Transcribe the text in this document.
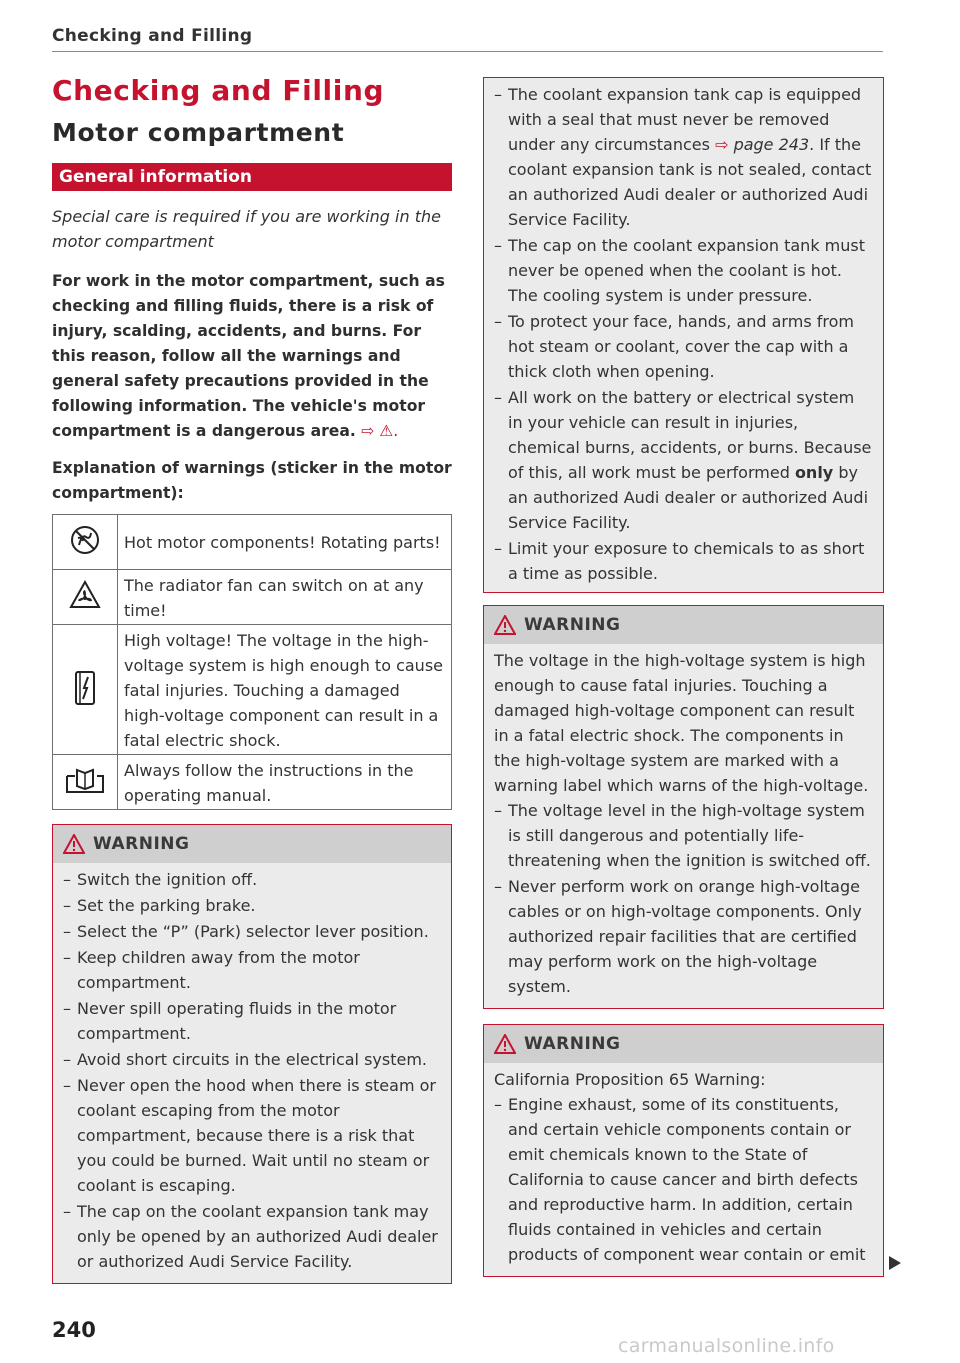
Checking and Filling
Checking and Filling
Motor compartment
General information
Special care is required if you are working in the motor compartment
For work in the motor compartment, such as checking and filling fluids, there is a risk of injury, scalding, accidents, and burns. For this reason, follow all the warnings and general safety precautions provided in the following information. The vehicle's motor compartment is a dangerous area. ⇨ ⚠.
Explanation of warnings (sticker in the motor compartment):
	Hot motor components! Rotating parts!
	The radiator fan can switch on at any time!
	High voltage! The voltage in the high-voltage system is high enough to cause fatal injuries. Touching a damaged high-voltage component can result in a fatal electric shock.
	Always follow the instructions in the operating manual.
WARNING
– Switch the ignition off.
– Set the parking brake.
– Select the “P” (Park) selector lever position.
– Keep children away from the motor compartment.
– Never spill operating fluids in the motor compartment.
– Avoid short circuits in the electrical system.
– Never open the hood when there is steam or coolant escaping from the motor compartment, because there is a risk that you could be burned. Wait until no steam or coolant is escaping.
– The cap on the coolant expansion tank may only be opened by an authorized Audi dealer or authorized Audi Service Facility.
– The coolant expansion tank cap is equipped with a seal that must never be removed under any circumstances ⇨ page 243. If the coolant expansion tank is not sealed, contact an authorized Audi dealer or authorized Audi Service Facility.
– The cap on the coolant expansion tank must never be opened when the coolant is hot. The cooling system is under pressure.
– To protect your face, hands, and arms from hot steam or coolant, cover the cap with a thick cloth when opening.
– All work on the battery or electrical system in your vehicle can result in injuries, chemical burns, accidents, or burns. Because of this, all work must be performed only by an authorized Audi dealer or authorized Audi Service Facility.
– Limit your exposure to chemicals to as short a time as possible.
WARNING

The voltage in the high-voltage system is high enough to cause fatal injuries. Touching a damaged high-voltage component can result in a fatal electric shock. The components in the high-voltage system are marked with a warning label which warns of the high-voltage.

– The voltage level in the high-voltage system is still dangerous and potentially life-threatening when the ignition is switched off.
– Never perform work on orange high-voltage cables or on high-voltage components. Only authorized repair facilities that are certified may perform work on the high-voltage system.
WARNING

California Proposition 65 Warning:

– Engine exhaust, some of its constituents, and certain vehicle components contain or emit chemicals known to the State of California to cause cancer and birth defects and reproductive harm. In addition, certain fluids contained in vehicles and certain products of component wear contain or emit
240
carmanualsonline.info
